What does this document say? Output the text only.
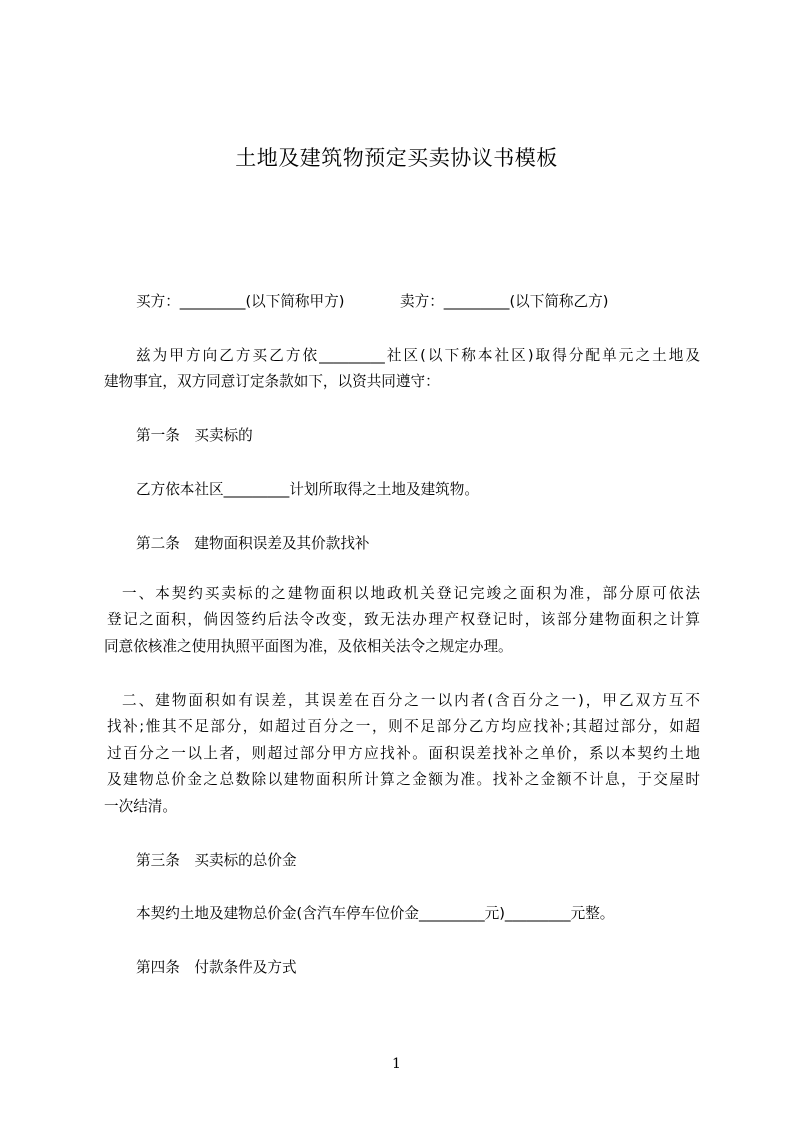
土地及建筑物预定买卖协议书模板
买方：_________(以下简称甲方)	卖方：_________(以下简称乙方)
兹为甲方向乙方买乙方依_________社区(以下称本社区)取得分配单元之土地及
建物事宜，双方同意订定条款如下，以资共同遵守：
第一条　买卖标的
乙方依本社区_________计划所取得之土地及建筑物。
第二条　建物面积误差及其价款找补
一、本契约买卖标的之建物面积以地政机关登记完竣之面积为准，部分原可依法
登记之面积，倘因签约后法令改变，致无法办理产权登记时，该部分建物面积之计算
同意依核准之使用执照平面图为准，及依相关法令之规定办理。
二、建物面积如有误差，其误差在百分之一以内者(含百分之一)，甲乙双方互不
找补;惟其不足部分，如超过百分之一，则不足部分乙方均应找补;其超过部分，如超
过百分之一以上者，则超过部分甲方应找补。面积误差找补之单价，系以本契约土地
及建物总价金之总数除以建物面积所计算之金额为准。找补之金额不计息，于交屋时
一次结清。
第三条　买卖标的总价金
本契约土地及建物总价金(含汽车停车位价金_________元)_________元整。
第四条　付款条件及方式
1
